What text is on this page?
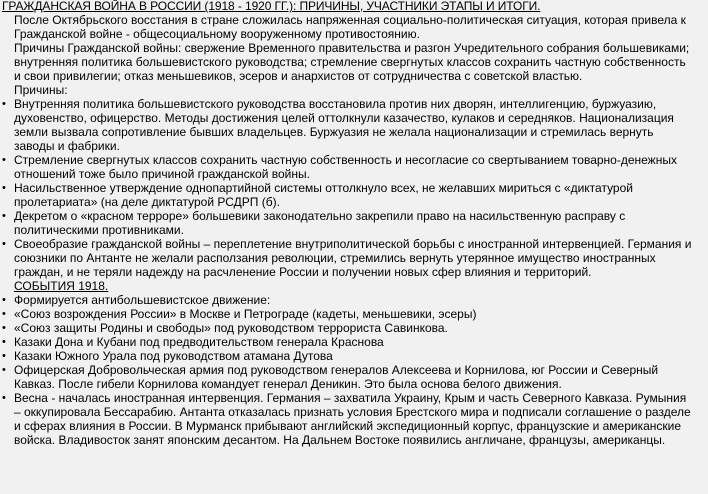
ГРАЖДАНСКАЯ ВОЙНА В РОССИИ (1918 - 1920 ГГ.): ПРИЧИНЫ, УЧАСТНИКИ ЭТАПЫ И ИТОГИ.
После Октябрьского восстания в стране сложилась напряженная социально-политическая ситуация, которая привела к Гражданской войне - общесоциальному вооруженному противостоянию.
Причины Гражданской войны: свержение Временного правительства и разгон Учредительного собрания большевиками; внутренняя политика большевистского руководства; стремление свергнутых классов сохранить частную собственность и свои привилегии; отказ меньшевиков, эсеров и анархистов от сотрудничества с советской властью.
Причины:
• Внутренняя политика большевистского руководства восстановила против них дворян, интеллигенцию, буржуазию, духовенство, офицерство. Методы достижения целей оттолкнули казачество, кулаков и середняков. Национализация земли вызвала сопротивление бывших владельцев. Буржуазия не желала национализации и стремилась вернуть заводы и фабрики.
• Стремление свергнутых классов сохранить частную собственность и несогласие со свертыванием товарно-денежных отношений тоже было причиной гражданской войны.
• Насильственное утверждение однопартийной системы оттолкнуло всех, не желавших мириться с «диктатурой пролетариата» (на деле диктатурой РСДРП (б).
• Декретом о «красном терроре» большевики законодательно закрепили право на насильственную расправу с политическими противниками.
• Своеобразие гражданской войны – переплетение внутриполитической борьбы с иностранной интервенцией. Германия и союзники по Антанте не желали расползания революции, стремились вернуть утерянное имущество иностранных граждан, и не теряли надежду на расчленение России и получении новых сфер влияния и территорий.
СОБЫТИЯ 1918.
• Формируется антибольшевистское движение:
• «Союз возрождения России» в Москве и Петрограде (кадеты, меньшевики, эсеры)
• «Союз защиты Родины и свободы» под руководством террориста Савинкова.
• Казаки Дона и Кубани под предводительством генерала Краснова
• Казаки Южного Урала под руководством атамана Дутова
• Офицерская Добровольческая армия под руководством генералов Алексеева и Корнилова, юг России и Северный Кавказ. После гибели Корнилова командует генерал Деникин. Это была основа белого движения.
• Весна - началась иностранная интервенция. Германия – захватила Украину, Крым и часть Северного Кавказа. Румыния – оккупировала Бессарабию. Антанта отказалась признать условия Брестского мира и подписали соглашение о разделе и сферах влияния в России. В Мурманск прибывают английский экспедиционный корпус, французские и американские войска. Владивосток занят японским десантом. На Дальнем Востоке появились англичане, французы, американцы.
